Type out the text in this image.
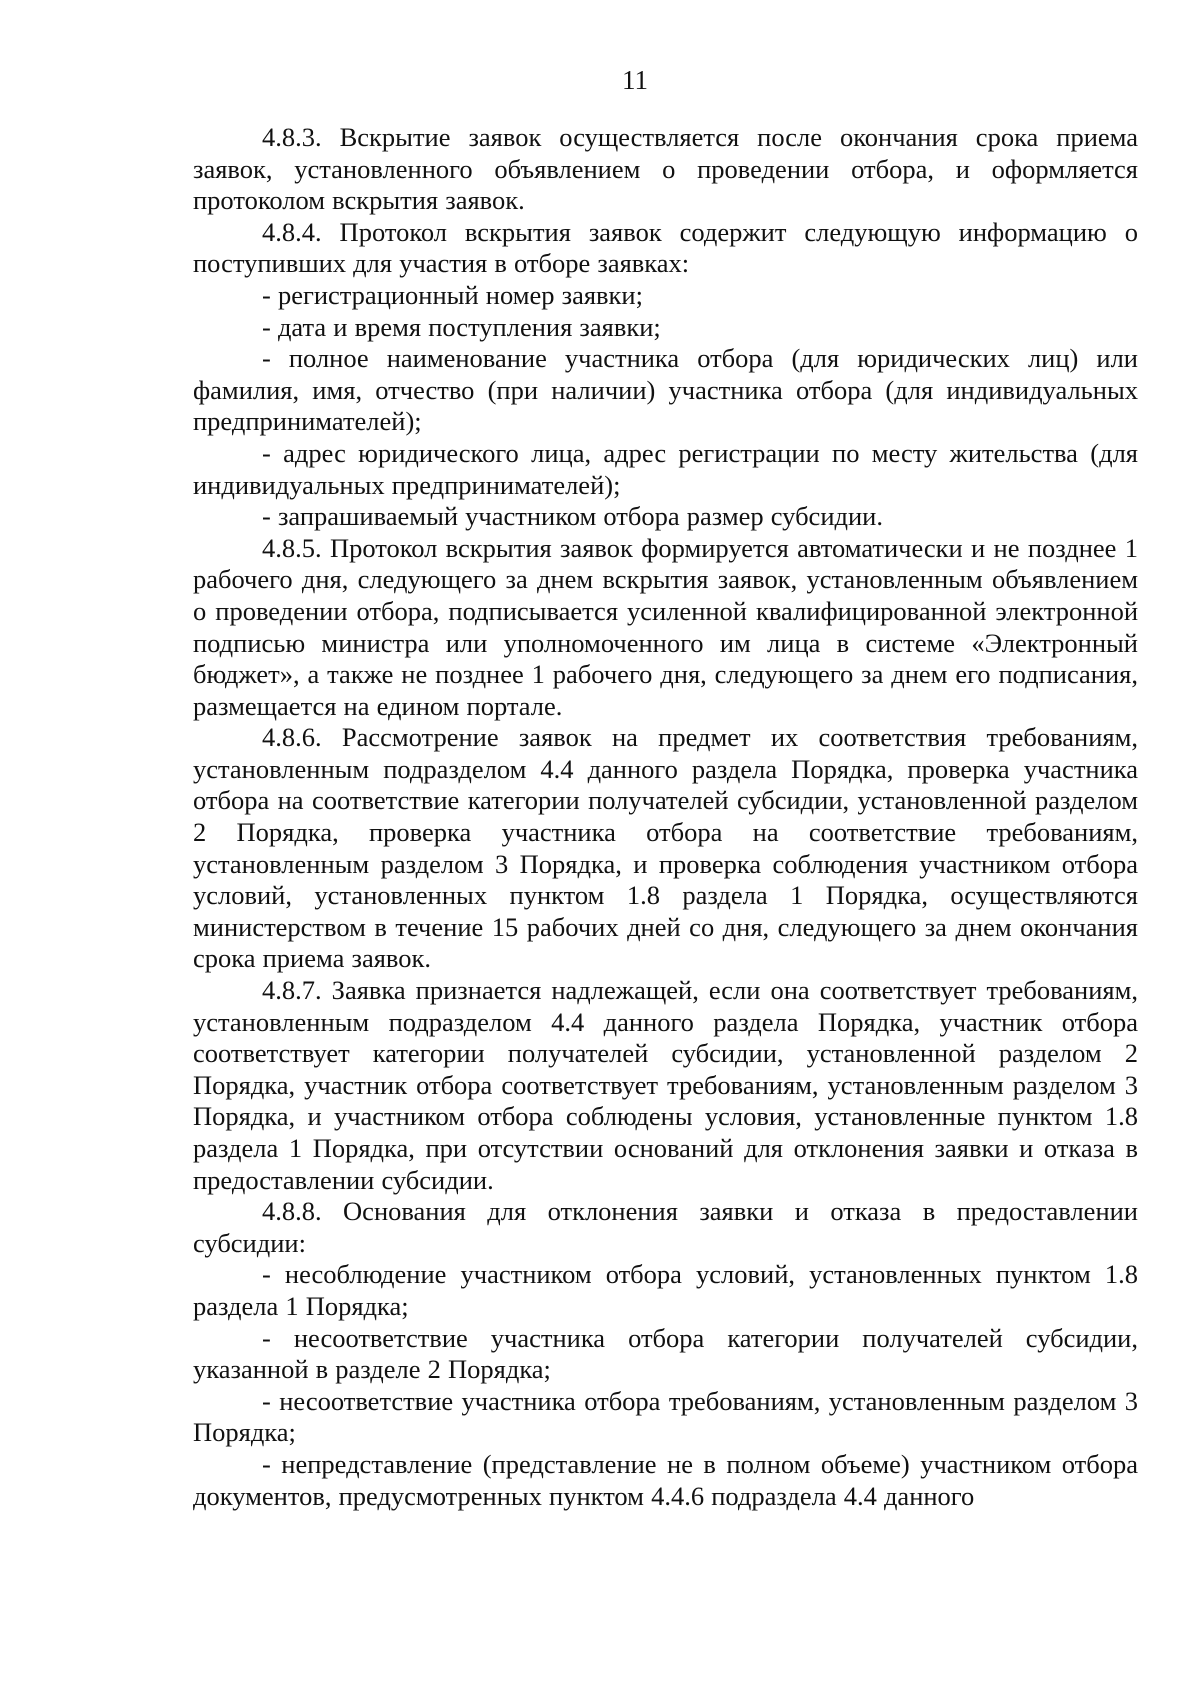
11

4.8.3. Вскрытие заявок осуществляется после окончания срока приема заявок, установленного объявлением о проведении отбора, и оформляется протоколом вскрытия заявок.

4.8.4. Протокол вскрытия заявок содержит следующую информацию о поступивших для участия в отборе заявках:

- регистрационный номер заявки;

- дата и время поступления заявки;

- полное наименование участника отбора (для юридических лиц) или фамилия, имя, отчество (при наличии) участника отбора (для индивидуальных предпринимателей);

- адрес юридического лица, адрес регистрации по месту жительства (для индивидуальных предпринимателей);

- запрашиваемый участником отбора размер субсидии.

4.8.5. Протокол вскрытия заявок формируется автоматически и не позднее 1 рабочего дня, следующего за днем вскрытия заявок, установленным объявлением о проведении отбора, подписывается усиленной квалифицированной электронной подписью министра или уполномоченного им лица в системе «Электронный бюджет», а также не позднее 1 рабочего дня, следующего за днем его подписания, размещается на едином портале.

4.8.6. Рассмотрение заявок на предмет их соответствия требованиям, установленным подразделом 4.4 данного раздела Порядка, проверка участника отбора на соответствие категории получателей субсидии, установленной разделом 2 Порядка, проверка участника отбора на соответствие требованиям, установленным разделом 3 Порядка, и проверка соблюдения участником отбора условий, установленных пунктом 1.8 раздела 1 Порядка, осуществляются министерством в течение 15 рабочих дней со дня, следующего за днем окончания срока приема заявок.

4.8.7. Заявка признается надлежащей, если она соответствует требованиям, установленным подразделом 4.4 данного раздела Порядка, участник отбора соответствует категории получателей субсидии, установленной разделом 2 Порядка, участник отбора соответствует требованиям, установленным разделом 3 Порядка, и участником отбора соблюдены условия, установленные пунктом 1.8 раздела 1 Порядка, при отсутствии оснований для отклонения заявки и отказа в предоставлении субсидии.

4.8.8. Основания для отклонения заявки и отказа в предоставлении субсидии:

- несоблюдение участником отбора условий, установленных пунктом 1.8 раздела 1 Порядка;

- несоответствие участника отбора категории получателей субсидии, указанной в разделе 2 Порядка;

- несоответствие участника отбора требованиям, установленным разделом 3 Порядка;

- непредставление (представление не в полном объеме) участником отбора документов, предусмотренных пунктом 4.4.6 подраздела 4.4 данного
